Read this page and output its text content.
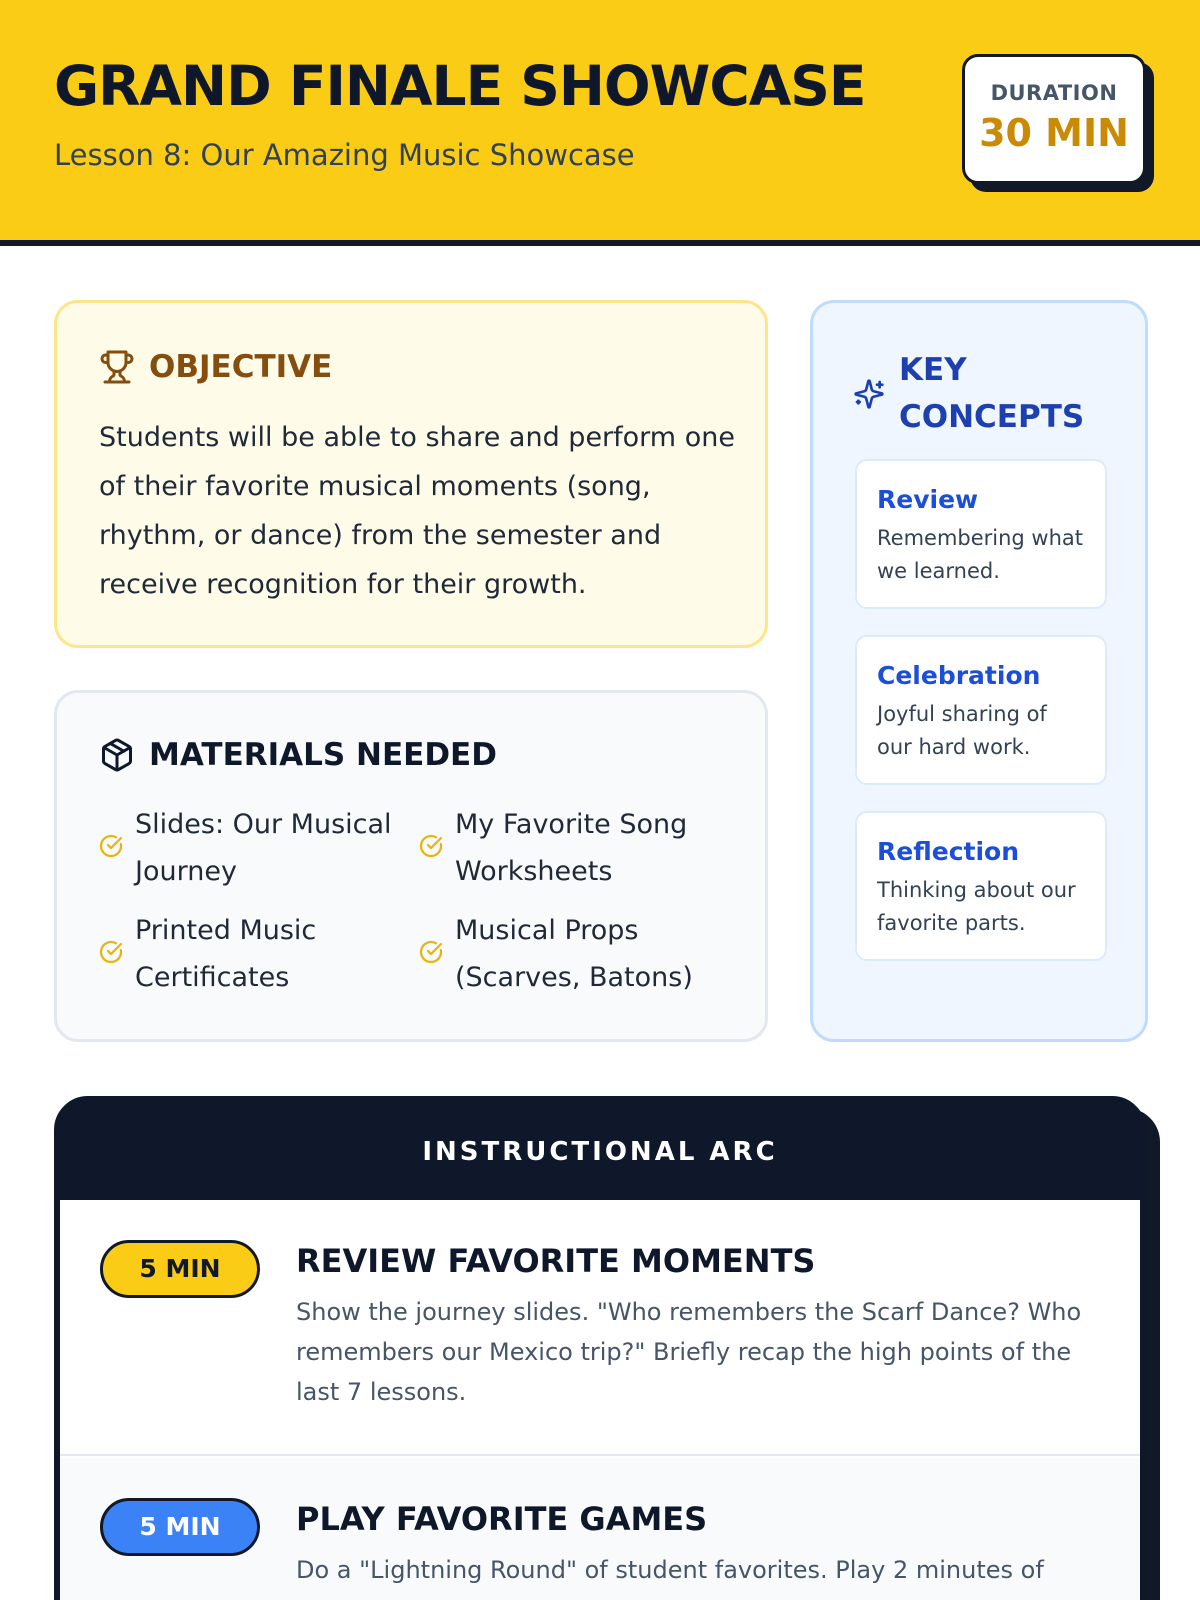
GRAND FINALE SHOWCASE
Lesson 8: Our Amazing Music Showcase
DURATION
30 MIN
OBJECTIVE

Students will be able to share and perform one of their favorite musical moments (song, rhythm, or dance) from the semester and receive recognition for their growth.

MATERIALS NEEDED
Slides: Our Musical Journey
My Favorite Song Worksheets
Printed Music Certificates
Musical Props (Scarves, Batons)
KEY CONCEPTS
Review
Remembering what we learned.
Celebration
Joyful sharing of our hard work.
Reflection
Thinking about our favorite parts.
INSTRUCTIONAL ARC
5 MIN	REVIEW FAVORITE MOMENTS

Show the journey slides. "Who remembers the Scarf Dance? Who remembers our Mexico trip?" Briefly recap the high points of the last 7 lessons.

5 MIN	PLAY FAVORITE GAMES

Do a "Lightning Round" of student favorites. Play 2 minutes of
